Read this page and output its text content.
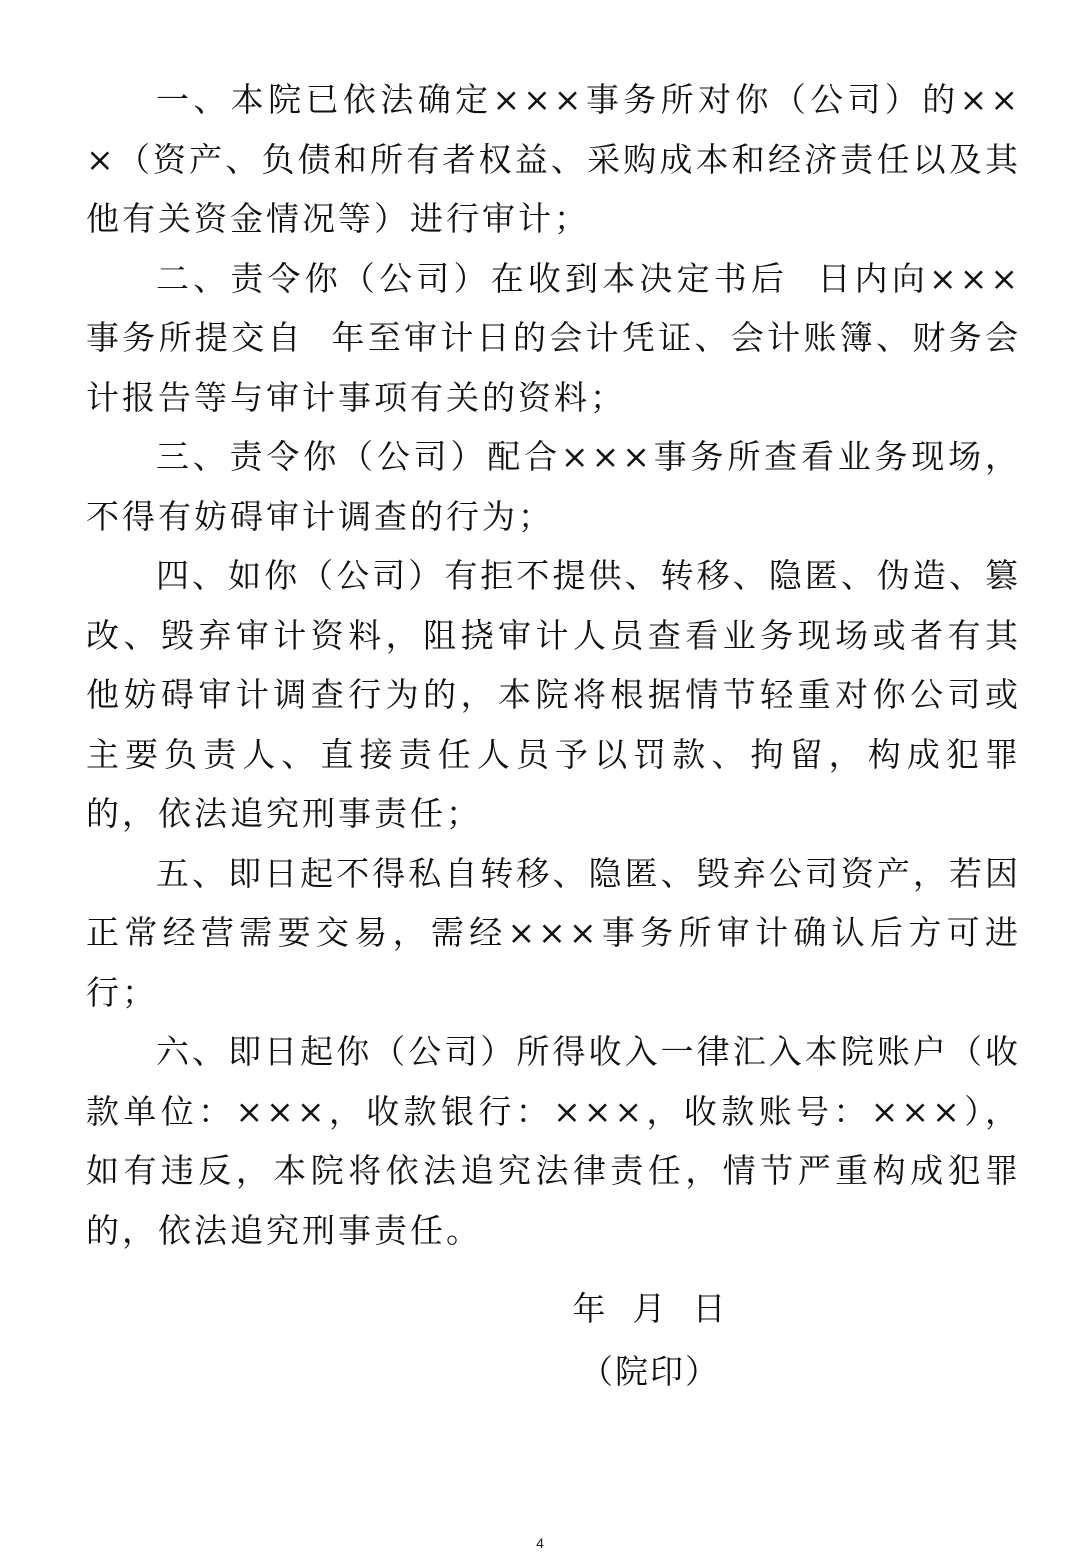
一、本院已依法确定×××事务所对你（公司）的×××（资产、负债和所有者权益、采购成本和经济责任以及其他有关资金情况等）进行审计；

二、责令你（公司）在收到本决定书后  日内向×××事务所提交自  年至审计日的会计凭证、会计账簿、财务会计报告等与审计事项有关的资料；

三、责令你（公司）配合×××事务所查看业务现场，不得有妨碍审计调查的行为；

四、如你（公司）有拒不提供、转移、隐匿、伪造、篡改、毁弃审计资料，阻挠审计人员查看业务现场或者有其他妨碍审计调查行为的，本院将根据情节轻重对你公司或主要负责人、直接责任人员予以罚款、拘留，构成犯罪的，依法追究刑事责任；

五、即日起不得私自转移、隐匿、毁弃公司资产，若因正常经营需要交易，需经×××事务所审计确认后方可进行；

六、即日起你（公司）所得收入一律汇入本院账户（收款单位：×××，收款银行：×××，收款账号：×××），如有违反，本院将依法追究法律责任，情节严重构成犯罪的，依法追究刑事责任。

年  月  日
（院印）
4
